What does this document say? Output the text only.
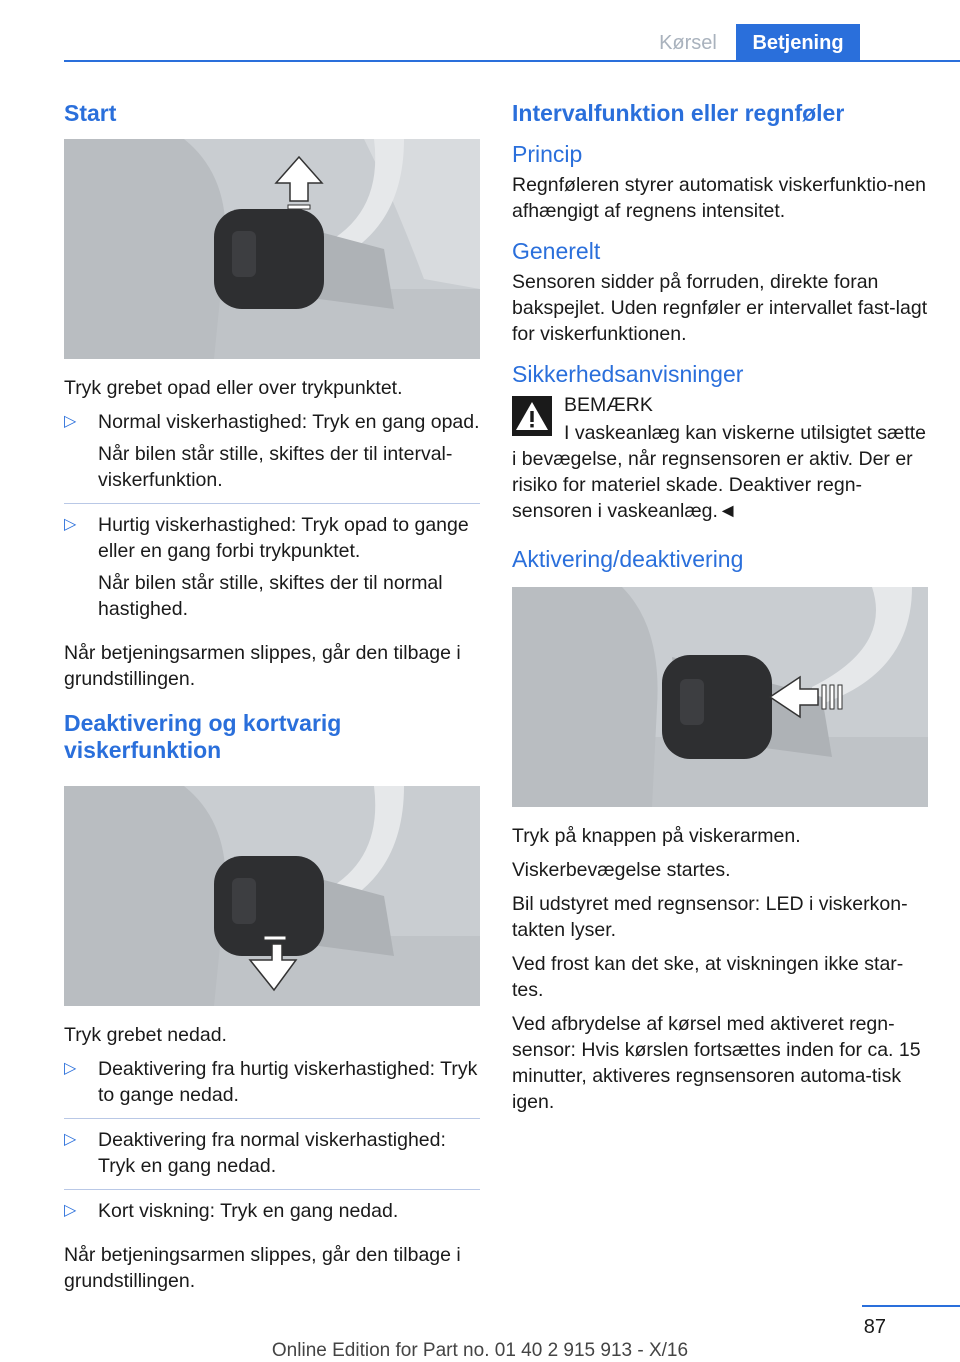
Kørsel	Betjening
Start

Tryk grebet opad eller over trykpunktet.

▷ Normal viskerhastighed: Tryk en gang opad.
Når bilen står stille, skiftes der til interval-viskerfunktion.
▷ Hurtig viskerhastighed: Tryk opad to gange eller en gang forbi trykpunktet.
Når bilen står stille, skiftes der til normal hastighed.

Når betjeningsarmen slippes, går den tilbage i grundstillingen.

Deaktivering og kortvarig viskerfunktion

Tryk grebet nedad.

▷ Deaktivering fra hurtig viskerhastighed: Tryk to gange nedad.
▷ Deaktivering fra normal viskerhastighed: Tryk en gang nedad.
▷ Kort viskning: Tryk en gang nedad.

Når betjeningsarmen slippes, går den tilbage i grundstillingen.

Intervalfunktion eller regnføler
Princip

Regnføleren styrer automatisk viskerfunktio-nen afhængigt af regnens intensitet.

Generelt

Sensoren sidder på forruden, direkte foran bakspejlet. Uden regnføler er intervallet fast-lagt for viskerfunktionen.

Sikkerhedsanvisninger

BEMÆRK

I vaskeanlæg kan viskerne utilsigtet sætte i bevægelse, når regnsensoren er aktiv. Der er risiko for materiel skade. Deaktiver regn-sensoren i vaskeanlæg.◄

Aktivering/deaktivering

Tryk på knappen på viskerarmen.

Viskerbevægelse startes.

Bil udstyret med regnsensor: LED i viskerkon-takten lyser.

Ved frost kan det ske, at viskningen ikke star-tes.

Ved afbrydelse af kørsel med aktiveret regn-sensor: Hvis kørslen fortsættes inden for ca. 15 minutter, aktiveres regnsensoren automa-tisk igen.

87
Online Edition for Part no. 01 40 2 915 913 - X/16
